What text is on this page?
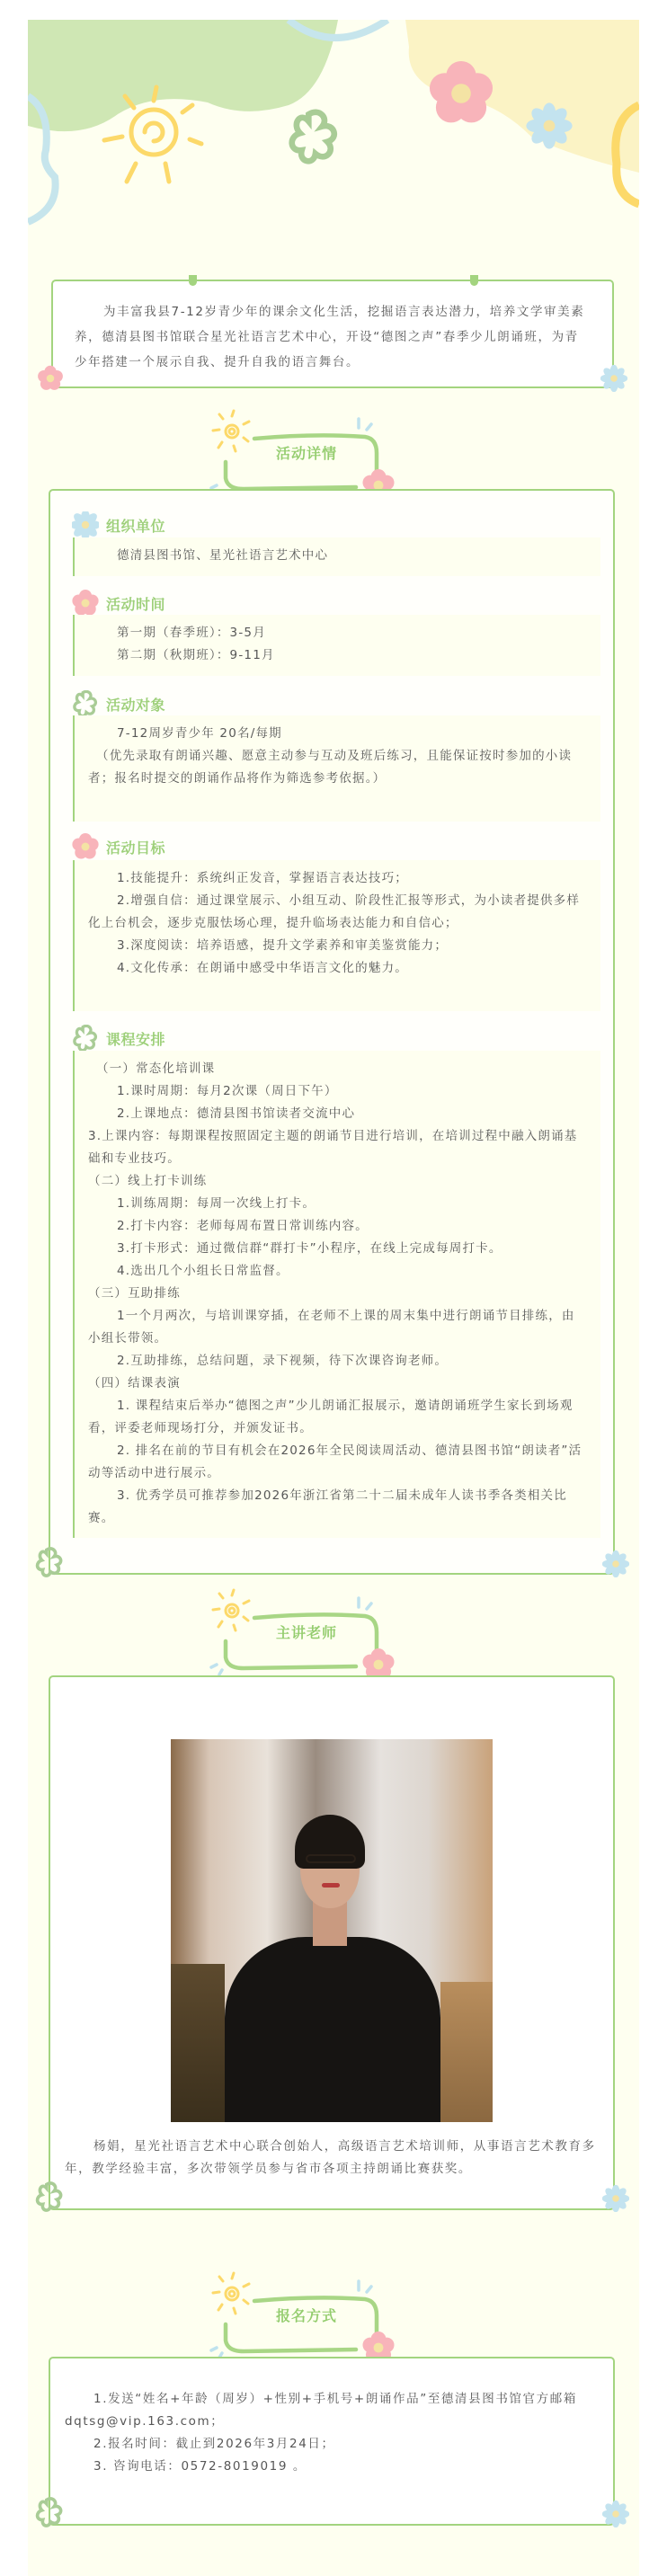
为丰富我县7-12岁青少年的课余文化生活，挖掘语言表达潜力，培养文学审美素养，德清县图书馆联合星光社语言艺术中心，开设“德图之声”春季少儿朗诵班，为青少年搭建一个展示自我、提升自我的语言舞台。

活动详情
组织单位

德清县图书馆、星光社语言艺术中心

活动时间

第一期（春季班）：3-5月

第二期（秋期班）：9-11月

活动对象

7-12周岁青少年 20名/每期

（优先录取有朗诵兴趣、愿意主动参与互动及班后练习，且能保证按时参加的小读者；报名时提交的朗诵作品将作为筛选参考依据。）

活动目标

1.技能提升：系统纠正发音，掌握语言表达技巧；

2.增强自信：通过课堂展示、小组互动、阶段性汇报等形式，为小读者提供多样化上台机会，逐步克服怯场心理，提升临场表达能力和自信心；

3.深度阅读：培养语感，提升文学素养和审美鉴赏能力；

4.文化传承：在朗诵中感受中华语言文化的魅力。

课程安排

（一）常态化培训课

1.课时周期：每月2次课（周日下午）

2.上课地点：德清县图书馆读者交流中心

3.上课内容：每期课程按照固定主题的朗诵节目进行培训，在培训过程中融入朗诵基础和专业技巧。

（二）线上打卡训练

1.训练周期：每周一次线上打卡。

2.打卡内容：老师每周布置日常训练内容。

3.打卡形式：通过微信群“群打卡”小程序，在线上完成每周打卡。

4.选出几个小组长日常监督。

（三）互助排练

1一个月两次，与培训课穿插，在老师不上课的周末集中进行朗诵节目排练，由小组长带领。

2.互助排练，总结问题，录下视频，待下次课咨询老师。

（四）结课表演

1. 课程结束后举办“德图之声”少儿朗诵汇报展示，邀请朗诵班学生家长到场观看，评委老师现场打分，并颁发证书。

2. 排名在前的节目有机会在2026年全民阅读周活动、德清县图书馆“朗读者”活动等活动中进行展示。

3. 优秀学员可推荐参加2026年浙江省第二十二届未成年人读书季各类相关比赛。

主讲老师

杨娟，星光社语言艺术中心联合创始人，高级语言艺术培训师，从事语言艺术教育多年，教学经验丰富，多次带领学员参与省市各项主持朗诵比赛获奖。

报名方式

1.发送“姓名+年龄（周岁）+性别+手机号+朗诵作品”至德清县图书馆官方邮箱dqtsg@vip.163.com；

2.报名时间：截止到2026年3月24日；

3. 咨询电话：0572-8019019 。
